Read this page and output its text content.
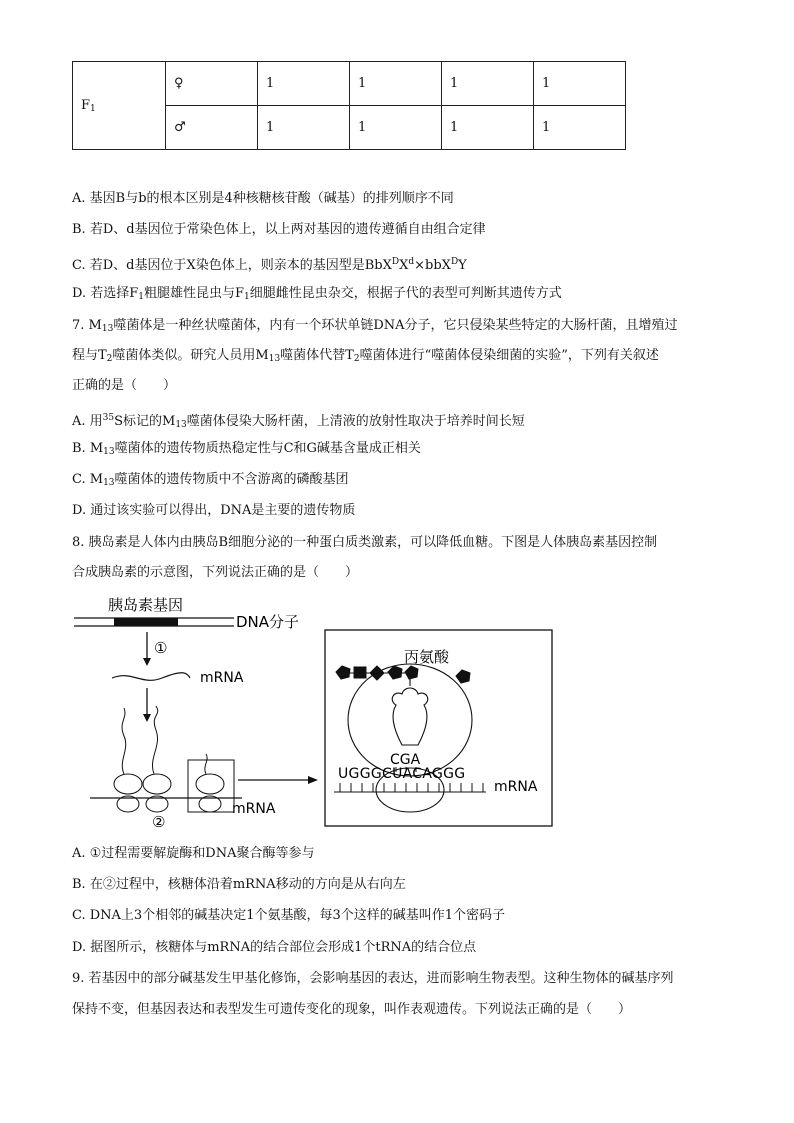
$F_1$	♀	1	1	1	1
	♂	1	1	1	1
A. 基因B与b的根本区别是4种核糖核苷酸（碱基）的排列顺序不同
B. 若D、d基因位于常染色体上，以上两对基因的遗传遵循自由组合定律
C. 若D、d基因位于X染色体上，则亲本的基因型是$BbX^DX^d\times bbX^DY$
D. 若选择$F_1$粗腿雄性昆虫与$F_1$细腿雌性昆虫杂交，根据子代的表型可判断其遗传方式
7. $M_{13}$噬菌体是一种丝状噬菌体，内有一个环状单链DNA分子，它只侵染某些特定的大肠杆菌，且增殖过
程与$T_2$噬菌体类似。研究人员用$M_{13}$噬菌体代替$T_2$噬菌体进行“噬菌体侵染细菌的实验”，下列有关叙述
正确的是（　　）
A. 用$^{35}$S标记的$M_{13}$噬菌体侵染大肠杆菌，上清液的放射性取决于培养时间长短
B. $M_{13}$噬菌体的遗传物质热稳定性与C和G碱基含量成正相关
C. $M_{13}$噬菌体的遗传物质中不含游离的磷酸基团
D. 通过该实验可以得出，DNA是主要的遗传物质
8. 胰岛素是人体内由胰岛B细胞分泌的一种蛋白质类激素，可以降低血糖。下图是人体胰岛素基因控制
合成胰岛素的示意图，下列说法正确的是（　　）
胰岛素基因
DNA分子
①
mRNA
mRNA
②
丙氨酸
CGA
UGGGCUACAGGG
mRNA
A. ①过程需要解旋酶和DNA聚合酶等参与
B. 在②过程中，核糖体沿着mRNA移动的方向是从右向左
C. DNA上3个相邻的碱基决定1个氨基酸，每3个这样的碱基叫作1个密码子
D. 据图所示，核糖体与mRNA的结合部位会形成1个tRNA的结合位点
9. 若基因中的部分碱基发生甲基化修饰，会影响基因的表达，进而影响生物表型。这种生物体的碱基序列
保持不变，但基因表达和表型发生可遗传变化的现象，叫作表观遗传。下列说法正确的是（　　）
